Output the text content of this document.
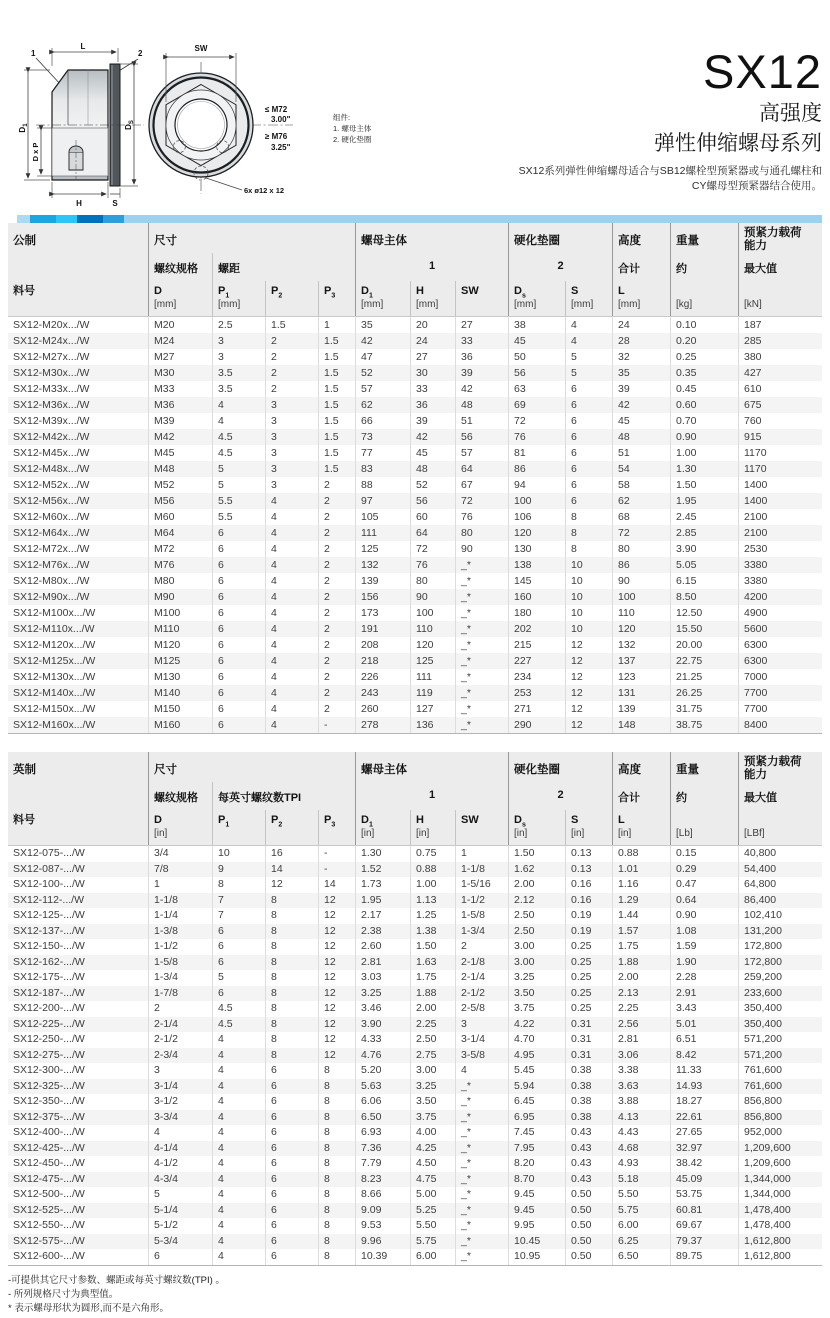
L
1	2
$D_1$
D x P
$D_S$
H	S
SW
≤ M72
3.00"
≥ M76
3.25"
6x ø12 x 12
组件:
1. 螺母主体
2. 硬化垫圈
SX12
高强度
弹性伸缩螺母系列
SX12系列弹性伸缩螺母适合与SB12螺栓型预紧器或与通孔螺柱和
CY螺母型预紧器结合使用。
公制	尺寸	螺母主体	硬化垫圈	高度	重量
预紧力载荷能力
螺纹规格	螺距	1	2	合计	约	最大值
料号	D
[mm]
$P_1$
[mm]
$P_2$	$P_3$	$D_1$
[mm]
H
[mm]
SW	$D_s$
[mm]
S
[mm]
L
[mm]	[kg]	[kN]
SX12-M20x.../W	M20	2.5	1.5	1	35	20	27	38	4	24	0.10	187
SX12-M24x.../W	M24	3	2	1.5	42	24	33	45	4	28	0.20	285
SX12-M27x.../W	M27	3	2	1.5	47	27	36	50	5	32	0.25	380
SX12-M30x.../W	M30	3.5	2	1.5	52	30	39	56	5	35	0.35	427
SX12-M33x.../W	M33	3.5	2	1.5	57	33	42	63	6	39	0.45	610
SX12-M36x.../W	M36	4	3	1.5	62	36	48	69	6	42	0.60	675
SX12-M39x.../W	M39	4	3	1.5	66	39	51	72	6	45	0.70	760
SX12-M42x.../W	M42	4.5	3	1.5	73	42	56	76	6	48	0.90	915
SX12-M45x.../W	M45	4.5	3	1.5	77	45	57	81	6	51	1.00	1170
SX12-M48x.../W	M48	5	3	1.5	83	48	64	86	6	54	1.30	1170
SX12-M52x.../W	M52	5	3	2	88	52	67	94	6	58	1.50	1400
SX12-M56x.../W	M56	5.5	4	2	97	56	72	100	6	62	1.95	1400
SX12-M60x.../W	M60	5.5	4	2	105	60	76	106	8	68	2.45	2100
SX12-M64x.../W	M64	6	4	2	111	64	80	120	8	72	2.85	2100
SX12-M72x.../W	M72	6	4	2	125	72	90	130	8	80	3.90	2530
SX12-M76x.../W	M76	6	4	2	132	76	_*	138	10	86	5.05	3380
SX12-M80x.../W	M80	6	4	2	139	80	_*	145	10	90	6.15	3380
SX12-M90x.../W	M90	6	4	2	156	90	_*	160	10	100	8.50	4200
SX12-M100x.../W	M100	6	4	2	173	100	_*	180	10	110	12.50	4900
SX12-M110x.../W	M110	6	4	2	191	110	_*	202	10	120	15.50	5600
SX12-M120x.../W	M120	6	4	2	208	120	_*	215	12	132	20.00	6300
SX12-M125x.../W	M125	6	4	2	218	125	_*	227	12	137	22.75	6300
SX12-M130x.../W	M130	6	4	2	226	111	_*	234	12	123	21.25	7000
SX12-M140x.../W	M140	6	4	2	243	119	_*	253	12	131	26.25	7700
SX12-M150x.../W	M150	6	4	2	260	127	_*	271	12	139	31.75	7700
SX12-M160x.../W	M160	6	4	-	278	136	_*	290	12	148	38.75	8400
英制	尺寸	螺母主体	硬化垫圈	高度	重量
预紧力载荷能力
螺纹规格	每英寸螺纹数TPI	1	2	合计	约	最大值
料号	D
[in]
$P_1$	$P_2$	$P_3$	$D_1$
[in]
H
[in]
SW	$D_s$
[in]
S
[in]
L
[in]	[Lb]	[LBf]
SX12-075-.../W	3/4	10	16	-	1.30	0.75	1	1.50	0.13	0.88	0.15	40,800
SX12-087-.../W	7/8	9	14	-	1.52	0.88	1-1/8	1.62	0.13	1.01	0.29	54,400
SX12-100-.../W	1	8	12	14	1.73	1.00	1-5/16	2.00	0.16	1.16	0.47	64,800
SX12-112-.../W	1-1/8	7	8	12	1.95	1.13	1-1/2	2.12	0.16	1.29	0.64	86,400
SX12-125-.../W	1-1/4	7	8	12	2.17	1.25	1-5/8	2.50	0.19	1.44	0.90	102,410
SX12-137-.../W	1-3/8	6	8	12	2.38	1.38	1-3/4	2.50	0.19	1.57	1.08	131,200
SX12-150-.../W	1-1/2	6	8	12	2.60	1.50	2	3.00	0.25	1.75	1.59	172,800
SX12-162-.../W	1-5/8	6	8	12	2.81	1.63	2-1/8	3.00	0.25	1.88	1.90	172,800
SX12-175-.../W	1-3/4	5	8	12	3.03	1.75	2-1/4	3.25	0.25	2.00	2.28	259,200
SX12-187-.../W	1-7/8	6	8	12	3.25	1.88	2-1/2	3.50	0.25	2.13	2.91	233,600
SX12-200-.../W	2	4.5	8	12	3.46	2.00	2-5/8	3.75	0.25	2.25	3.43	350,400
SX12-225-.../W	2-1/4	4.5	8	12	3.90	2.25	3	4.22	0.31	2.56	5.01	350,400
SX12-250-.../W	2-1/2	4	8	12	4.33	2.50	3-1/4	4.70	0.31	2.81	6.51	571,200
SX12-275-.../W	2-3/4	4	8	12	4.76	2.75	3-5/8	4.95	0.31	3.06	8.42	571,200
SX12-300-.../W	3	4	6	8	5.20	3.00	4	5.45	0.38	3.38	11.33	761,600
SX12-325-.../W	3-1/4	4	6	8	5.63	3.25	_*	5.94	0.38	3.63	14.93	761,600
SX12-350-.../W	3-1/2	4	6	8	6.06	3.50	_*	6.45	0.38	3.88	18.27	856,800
SX12-375-.../W	3-3/4	4	6	8	6.50	3.75	_*	6.95	0.38	4.13	22.61	856,800
SX12-400-.../W	4	4	6	8	6.93	4.00	_*	7.45	0.43	4.43	27.65	952,000
SX12-425-.../W	4-1/4	4	6	8	7.36	4.25	_*	7.95	0.43	4.68	32.97	1,209,600
SX12-450-.../W	4-1/2	4	6	8	7.79	4.50	_*	8.20	0.43	4.93	38.42	1,209,600
SX12-475-.../W	4-3/4	4	6	8	8.23	4.75	_*	8.70	0.43	5.18	45.09	1,344,000
SX12-500-.../W	5	4	6	8	8.66	5.00	_*	9.45	0.50	5.50	53.75	1,344,000
SX12-525-.../W	5-1/4	4	6	8	9.09	5.25	_*	9.45	0.50	5.75	60.81	1,478,400
SX12-550-.../W	5-1/2	4	6	8	9.53	5.50	_*	9.95	0.50	6.00	69.67	1,478,400
SX12-575-.../W	5-3/4	4	6	8	9.96	5.75	_*	10.45	0.50	6.25	79.37	1,612,800
SX12-600-.../W	6	4	6	8	10.39	6.00	_*	10.95	0.50	6.50	89.75	1,612,800
-可提供其它尺寸参数、螺距或每英寸螺纹数(TPI) 。
- 所列规格尺寸为典型值。
* 表示螺母形状为圆形,而不是六角形。
